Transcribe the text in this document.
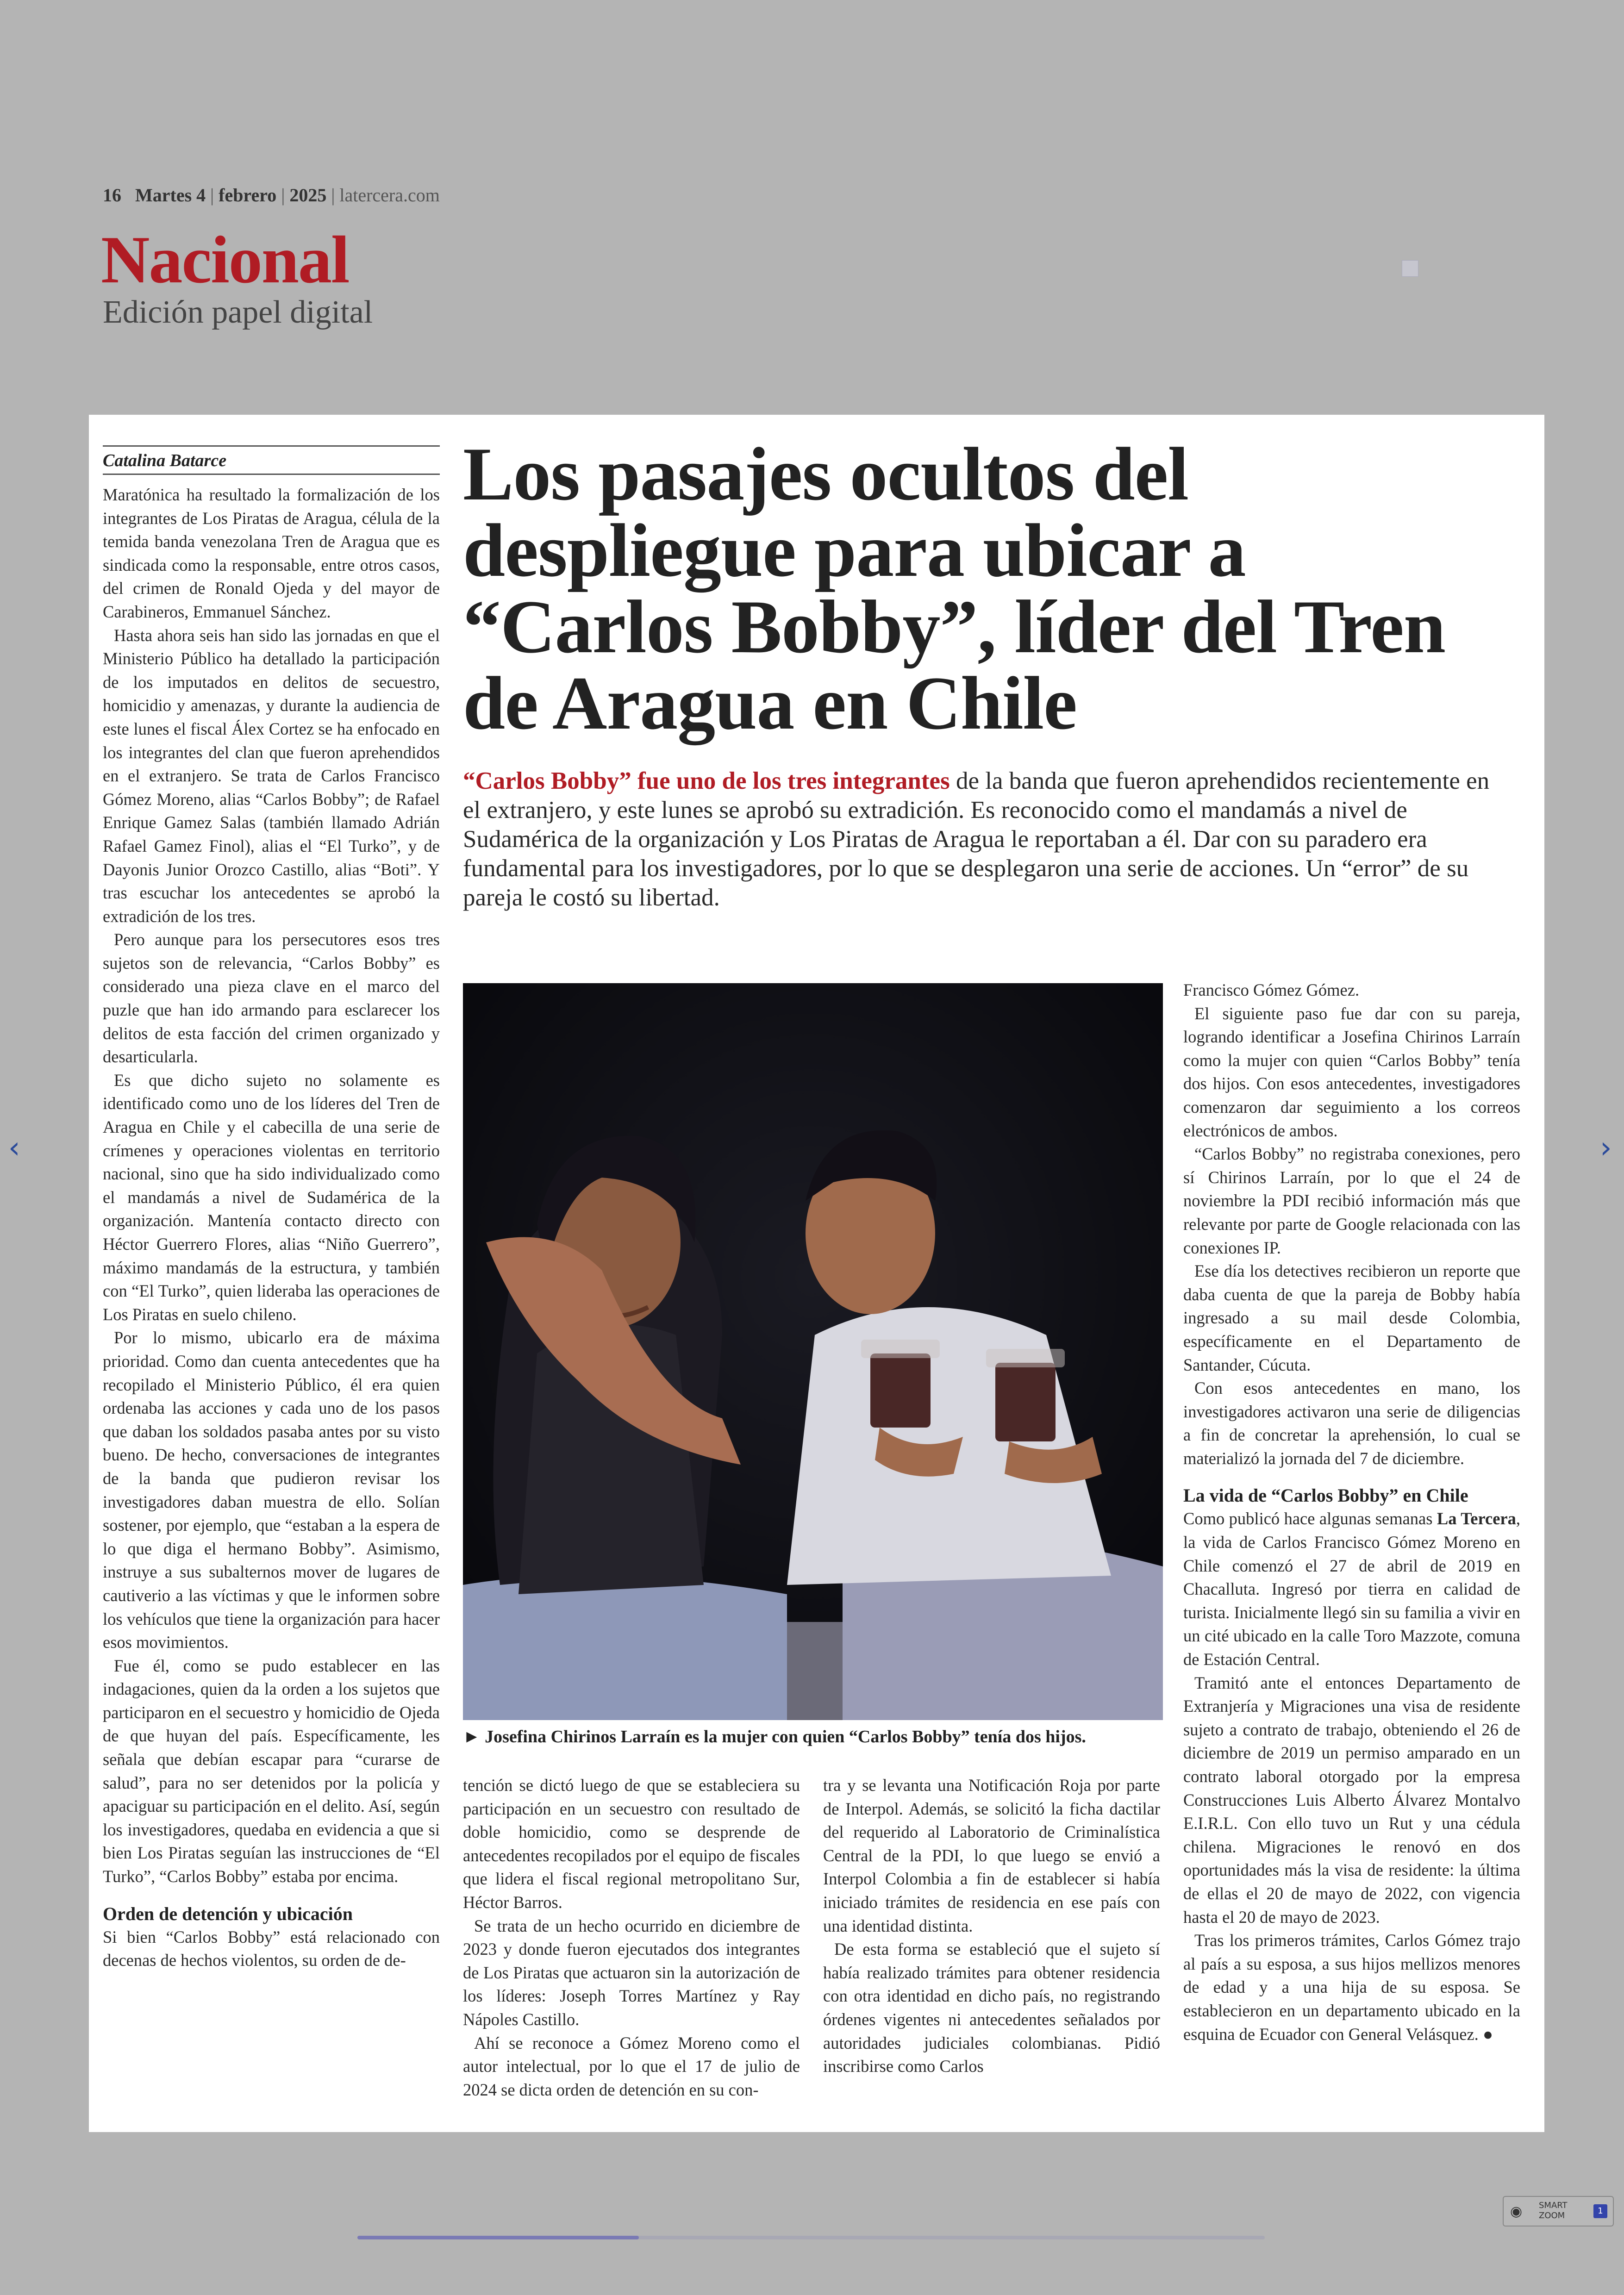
16 Martes 4 | febrero | 2025 | latercera.com
Nacional
Edición papel digital
Catalina Batarce

Maratónica ha resultado la formalización de los integrantes de Los Piratas de Aragua, célula de la temida banda venezolana Tren de Aragua que es sindicada como la responsable, entre otros casos, del crimen de Ronald Ojeda y del mayor de Carabineros, Emmanuel Sánchez.

Hasta ahora seis han sido las jornadas en que el Ministerio Público ha detallado la participación de los imputados en delitos de secuestro, homicidio y amenazas, y durante la audiencia de este lunes el fiscal Álex Cortez se ha enfocado en los integrantes del clan que fueron aprehendidos en el extranjero. Se trata de Carlos Francisco Gómez Moreno, alias “Carlos Bobby”; de Rafael Enrique Gamez Salas (también llamado Adrián Rafael Gamez Finol), alias el “El Turko”, y de Dayonis Junior Orozco Castillo, alias “Boti”. Y tras escuchar los antecedentes se aprobó la extradición de los tres.

Pero aunque para los persecutores esos tres sujetos son de relevancia, “Carlos Bobby” es considerado una pieza clave en el marco del puzle que han ido armando para esclarecer los delitos de esta facción del crimen organizado y desarticularla.

Es que dicho sujeto no solamente es identificado como uno de los líderes del Tren de Aragua en Chile y el cabecilla de una serie de crímenes y operaciones violentas en territorio nacional, sino que ha sido individualizado como el mandamás a nivel de Sudamérica de la organización. Mantenía contacto directo con Héctor Guerrero Flores, alias “Niño Guerrero”, máximo mandamás de la estructura, y también con “El Turko”, quien lideraba las operaciones de Los Piratas en suelo chileno.

Por lo mismo, ubicarlo era de máxima prioridad. Como dan cuenta antecedentes que ha recopilado el Ministerio Público, él era quien ordenaba las acciones y cada uno de los pasos que daban los soldados pasaba antes por su visto bueno. De hecho, conversaciones de integrantes de la banda que pudieron revisar los investigadores daban muestra de ello. Solían sostener, por ejemplo, que “estaban a la espera de lo que diga el hermano Bobby”. Asimismo, instruye a sus subalternos mover de lugares de cautiverio a las víctimas y que le informen sobre los vehículos que tiene la organización para hacer esos movimientos.

Fue él, como se pudo establecer en las indagaciones, quien da la orden a los sujetos que participaron en el secuestro y homicidio de Ojeda de que huyan del país. Específicamente, les señala que debían escapar para “curarse de salud”, para no ser detenidos por la policía y apaciguar su participación en el delito. Así, según los investigadores, quedaba en evidencia a que si bien Los Piratas seguían las instrucciones de “El Turko”, “Carlos Bobby” estaba por encima.

Orden de detención y ubicación

Si bien “Carlos Bobby” está relacionado con decenas de hechos violentos, su orden de de-

Los pasajes ocultos del despliegue para ubicar a “Carlos Bobby”, líder del Tren de Aragua en Chile
“Carlos Bobby” fue uno de los tres integrantes de la banda que fueron aprehendidos recientemente en el extranjero, y este lunes se aprobó su extradición. Es reconocido como el mandamás a nivel de Sudamérica de la organización y Los Piratas de Aragua le reportaban a él. Dar con su paradero era fundamental para los investigadores, por lo que se desplegaron una serie de acciones. Un “error” de su pareja le costó su libertad.
► Josefina Chirinos Larraín es la mujer con quien “Carlos Bobby” tenía dos hijos.

tención se dictó luego de que se estableciera su participación en un secuestro con resultado de doble homicidio, como se desprende de antecedentes recopilados por el equipo de fiscales que lidera el fiscal regional metropolitano Sur, Héctor Barros.

Se trata de un hecho ocurrido en diciembre de 2023 y donde fueron ejecutados dos integrantes de Los Piratas que actuaron sin la autorización de los líderes: Joseph Torres Martínez y Ray Nápoles Castillo.

Ahí se reconoce a Gómez Moreno como el autor intelectual, por lo que el 17 de julio de 2024 se dicta orden de detención en su con-

tra y se levanta una Notificación Roja por parte de Interpol. Además, se solicitó la ficha dactilar del requerido al Laboratorio de Criminalística Central de la PDI, lo que luego se envió a Interpol Colombia a fin de establecer si había iniciado trámites de residencia en ese país con una identidad distinta.

De esta forma se estableció que el sujeto sí había realizado trámites para obtener residencia con otra identidad en dicho país, no registrando órdenes vigentes ni antecedentes señalados por autoridades judiciales colombianas. Pidió inscribirse como Carlos

Francisco Gómez Gómez.

El siguiente paso fue dar con su pareja, logrando identificar a Josefina Chirinos Larraín como la mujer con quien “Carlos Bobby” tenía dos hijos. Con esos antecedentes, investigadores comenzaron dar seguimiento a los correos electrónicos de ambos.

“Carlos Bobby” no registraba conexiones, pero sí Chirinos Larraín, por lo que el 24 de noviembre la PDI recibió información más que relevante por parte de Google relacionada con las conexiones IP.

Ese día los detectives recibieron un reporte que daba cuenta de que la pareja de Bobby había ingresado a su mail desde Colombia, específicamente en el Departamento de Santander, Cúcuta.

Con esos antecedentes en mano, los investigadores activaron una serie de diligencias a fin de concretar la aprehensión, lo cual se materializó la jornada del 7 de diciembre.

La vida de “Carlos Bobby” en Chile

Como publicó hace algunas semanas La Tercera, la vida de Carlos Francisco Gómez Moreno en Chile comenzó el 27 de abril de 2019 en Chacalluta. Ingresó por tierra en calidad de turista. Inicialmente llegó sin su familia a vivir en un cité ubicado en la calle Toro Mazzote, comuna de Estación Central.

Tramitó ante el entonces Departamento de Extranjería y Migraciones una visa de residente sujeto a contrato de trabajo, obteniendo el 26 de diciembre de 2019 un permiso amparado en un contrato laboral otorgado por la empresa Construcciones Luis Alberto Álvarez Montalvo E.I.R.L. Con ello tuvo un Rut y una cédula chilena. Migraciones le renovó en dos oportunidades más la visa de residente: la última de ellas el 20 de mayo de 2022, con vigencia hasta el 20 de mayo de 2023.

Tras los primeros trámites, Carlos Gómez trajo al país a su esposa, a sus hijos mellizos menores de edad y a una hija de su esposa. Se establecieron en un departamento ubicado en la esquina de Ecuador con General Velásquez. ●

‹	›
◉ SMART
ZOOM	1
